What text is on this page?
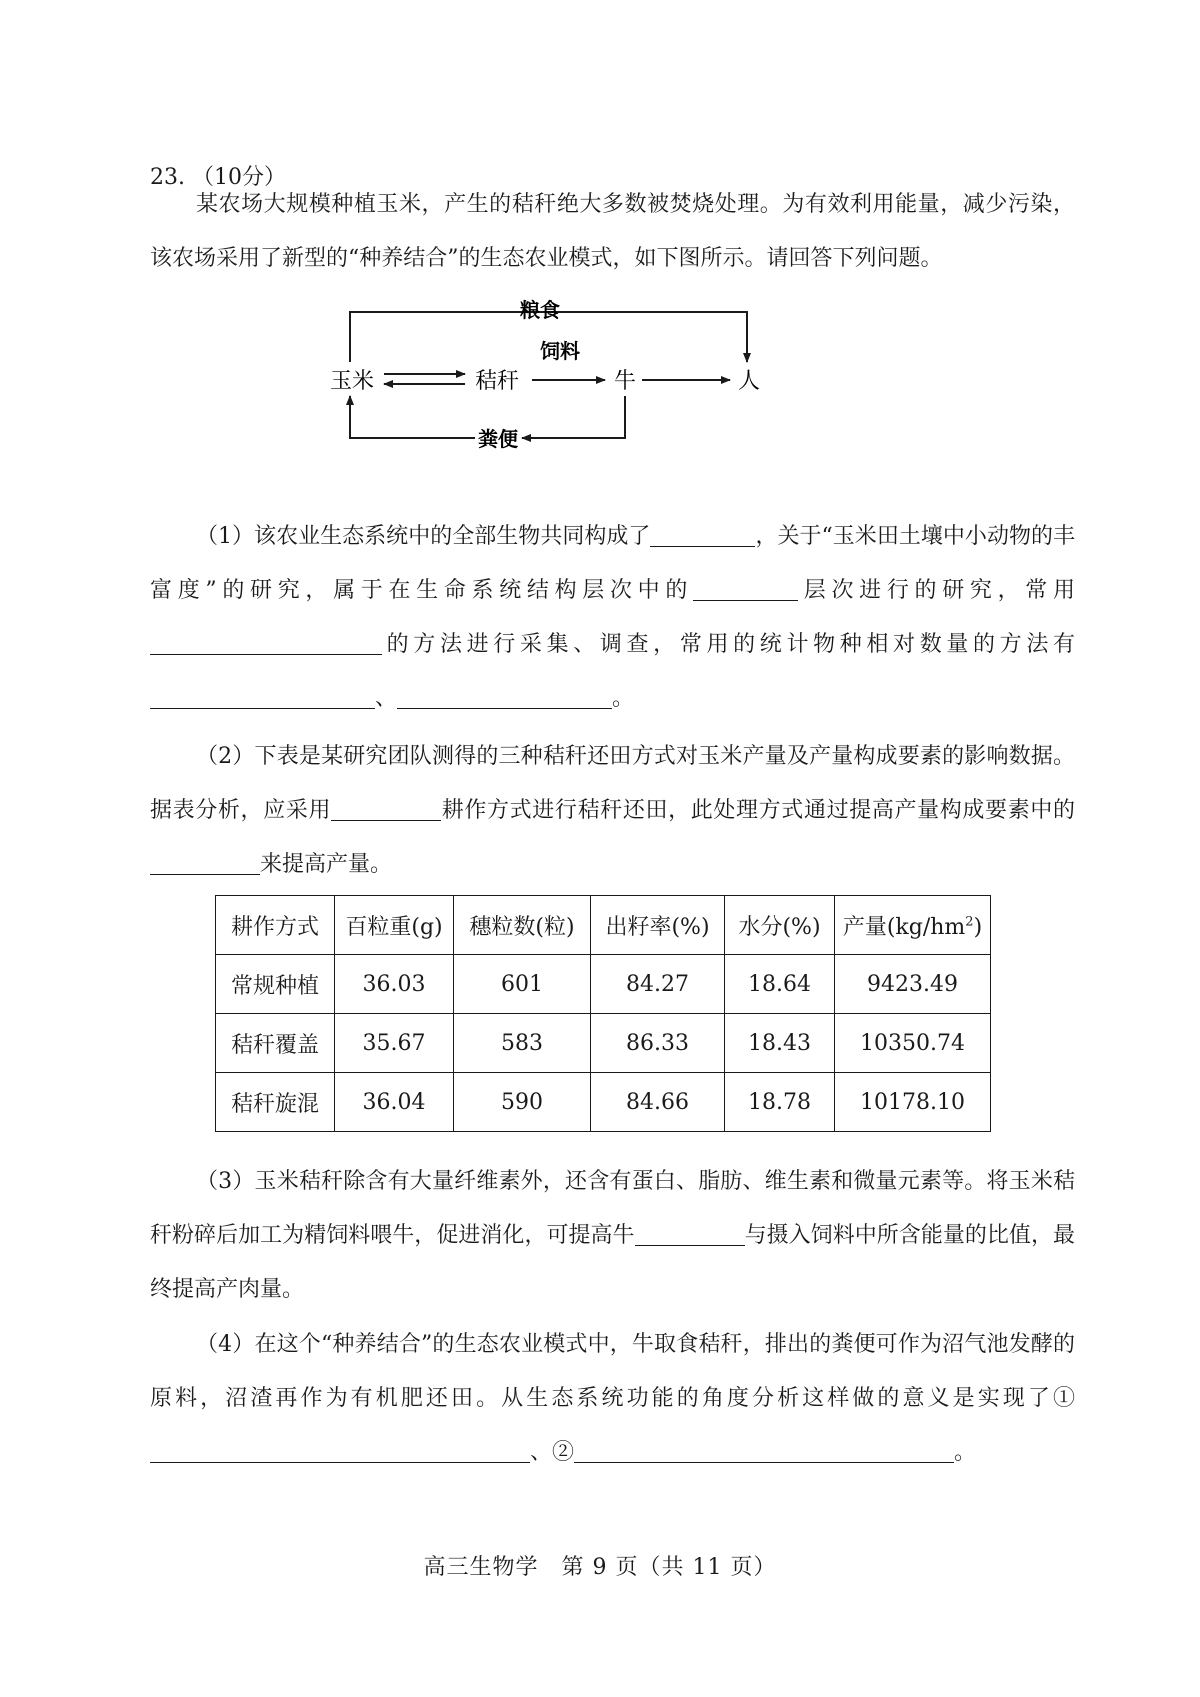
23. （10分）
某农场大规模种植玉米，产生的秸秆绝大多数被焚烧处理。为有效利用能量，减少污染，该农场采用了新型的“种养结合”的生态农业模式，如下图所示。请回答下列问题。
粮食
玉米	秸秆	牛	人
饲料
粪便
（1）该农业生态系统中的全部生物共同构成了	，关于“玉米田土壤中小动物的丰富度”的研究，属于在生命系统结构层次中的	层次进行的研究，常用的方法进行采集、调查，常用的统计物种相对数量的方法有、	。
（2）下表是某研究团队测得的三种秸秆还田方式对玉米产量及产量构成要素的影响数据。据表分析，应采用	耕作方式进行秸秆还田，此处理方式通过提高产量构成要素中的来提高产量。
耕作方式	百粒重(g)	穗粒数(粒)	出籽率(%)	水分(%)	产量$(kg/hm^2)$
常规种植	36.03	601	84.27	18.64	9423.49
秸秆覆盖	35.67	583	86.33	18.43	10350.74
秸秆旋混	36.04	590	84.66	18.78	10178.10
（3）玉米秸秆除含有大量纤维素外，还含有蛋白、脂肪、维生素和微量元素等。将玉米秸秆粉碎后加工为精饲料喂牛，促进消化，可提高牛	与摄入饲料中所含能量的比值，最终提高产肉量。
（4）在这个“种养结合”的生态农业模式中，牛取食秸秆，排出的粪便可作为沼气池发酵的原料，沼渣再作为有机肥还田。从生态系统功能的角度分析这样做的意义是实现了①、②	。
高三生物学　第 9 页（共 11 页）
